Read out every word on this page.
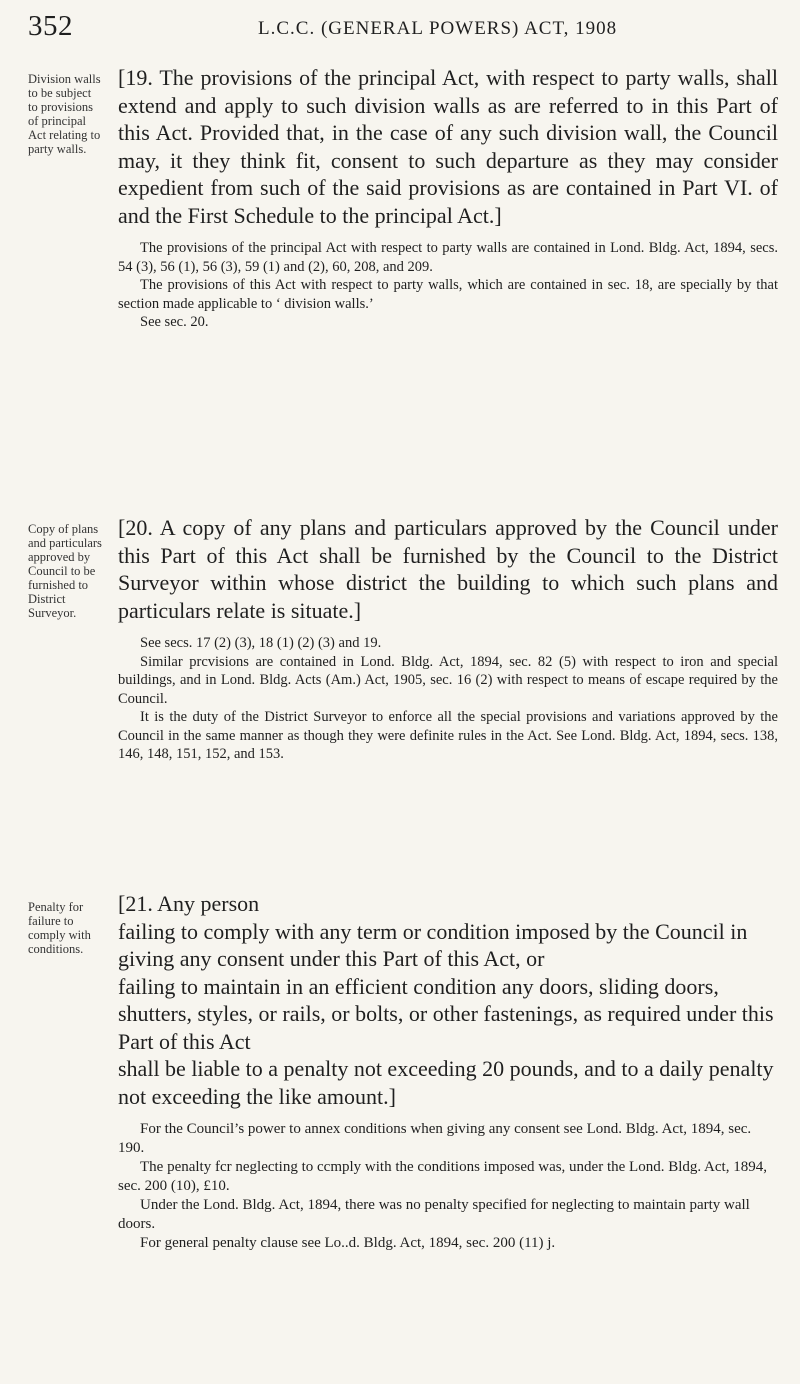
352	L.C.C. (GENERAL POWERS) ACT, 1908
Division walls to be subject to provisions of principal Act relating to party walls.

[19. The provisions of the principal Act, with respect to party walls, shall extend and apply to such division walls as are referred to in this Part of this Act. Provided that, in the case of any such division wall, the Council may, it they think fit, consent to such departure as they may consider expedient from such of the said provisions as are contained in Part VI. of and the First Schedule to the principal Act.]

The provisions of the principal Act with respect to party walls are contained in Lond. Bldg. Act, 1894, secs. 54 (3), 56 (1), 56 (3), 59 (1) and (2), 60, 208, and 209.

The provisions of this Act with respect to party walls, which are contained in sec. 18, are specially by that section made applicable to ‘ division walls.’

See sec. 20.

Copy of plans and particulars approved by Council to be furnished to District Surveyor.

[20. A copy of any plans and particulars approved by the Council under this Part of this Act shall be furnished by the Council to the District Surveyor within whose district the building to which such plans and particulars relate is situate.]

See secs. 17 (2) (3), 18 (1) (2) (3) and 19.

Similar prcvisions are contained in Lond. Bldg. Act, 1894, sec. 82 (5) with respect to iron and special buildings, and in Lond. Bldg. Acts (Am.) Act, 1905, sec. 16 (2) with respect to means of escape required by the Council.

It is the duty of the District Surveyor to enforce all the special provisions and variations approved by the Council in the same manner as though they were definite rules in the Act. See Lond. Bldg. Act, 1894, secs. 138, 146, 148, 151, 152, and 153.

Penalty for failure to comply with conditions.

[21. Any person

failing to comply with any term or condition imposed by the Council in giving any consent under this Part of this Act, or

failing to maintain in an efficient condition any doors, sliding doors, shutters, styles, or rails, or bolts, or other fastenings, as required under this Part of this Act

shall be liable to a penalty not exceeding 20 pounds, and to a daily penalty not exceeding the like amount.]

For the Council’s power to annex conditions when giving any consent see Lond. Bldg. Act, 1894, sec. 190.

The penalty fcr neglecting to ccmply with the conditions imposed was, under the Lond. Bldg. Act, 1894, sec. 200 (10), £10.

Under the Lond. Bldg. Act, 1894, there was no penalty specified for neglecting to maintain party wall doors.

For general penalty clause see Lo..d. Bldg. Act, 1894, sec. 200 (11) j.
